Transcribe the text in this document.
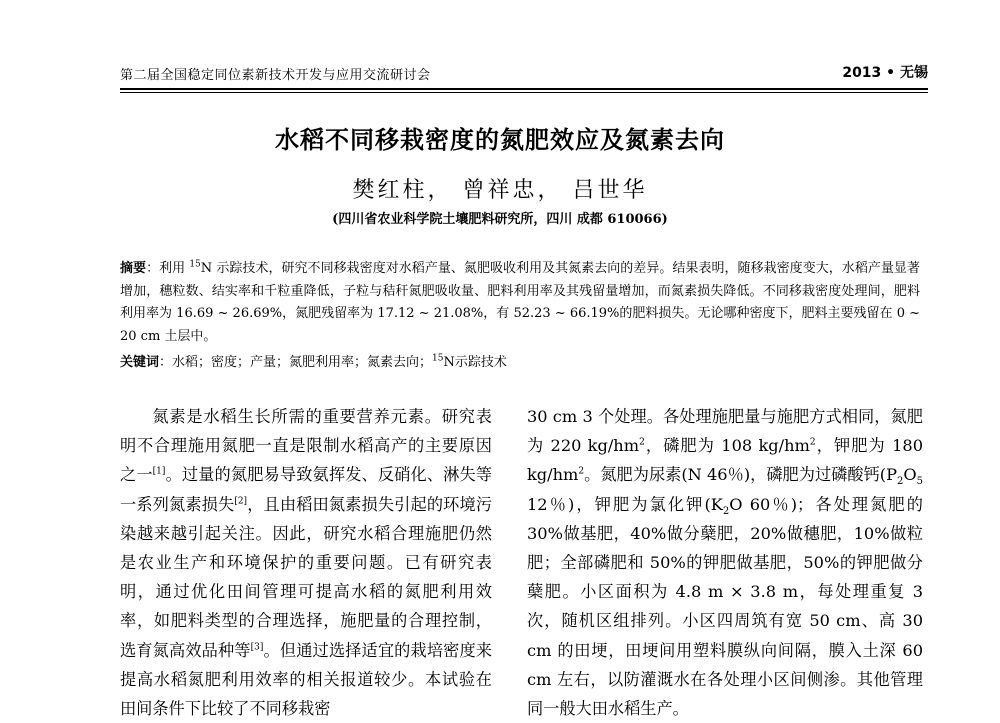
第二届全国稳定同位素新技术开发与应用交流研讨会	2013 • 无锡
水稻不同移栽密度的氮肥效应及氮素去向
樊红柱， 曾祥忠， 吕世华
(四川省农业科学院土壤肥料研究所，四川 成都 610066)
摘要：利用 $^{15}$N 示踪技术，研究不同移栽密度对水稻产量、氮肥吸收利用及其氮素去向的差异。结果表明，随移栽密度变大，水稻产量显著增加，穗粒数、结实率和千粒重降低，子粒与秸秆氮肥吸收量、肥料利用率及其残留量增加，而氮素损失降低。不同移栽密度处理间，肥料利用率为 16.69 ~ 26.69%，氮肥残留率为 17.12 ~ 21.08%，有 52.23 ~ 66.19%的肥料损失。无论哪种密度下，肥料主要残留在 0 ~ 20 cm 土层中。
关键词：水稻；密度；产量；氮肥利用率；氮素去向；$^{15}$N示踪技术

氮素是水稻生长所需的重要营养元素。研究表明不合理施用氮肥一直是限制水稻高产的主要原因之一[1]。过量的氮肥易导致氨挥发、反硝化、淋失等一系列氮素损失[2]，且由稻田氮素损失引起的环境污染越来越引起关注。因此，研究水稻合理施肥仍然是农业生产和环境保护的重要问题。已有研究表明，通过优化田间管理可提高水稻的氮肥利用效率，如肥料类型的合理选择，施肥量的合理控制，选育氮高效品种等[3]。但通过选择适宜的栽培密度来提高水稻氮肥利用效率的相关报道较少。本试验在田间条件下比较了不同移栽密

30 cm 3 个处理。各处理施肥量与施肥方式相同，氮肥为 220 $kg/hm^2$，磷肥为 108 $kg/hm^2$，钾肥为 180 $kg/hm^2$。氮肥为尿素(N 46％)，磷肥为过磷酸钙($P_2O_5$ 12％)，钾肥为氯化钾($K_2O$ 60％)；各处理氮肥的 30%做基肥，40%做分蘖肥，20%做穗肥，10%做粒肥；全部磷肥和 50%的钾肥做基肥，50%的钾肥做分蘖肥。小区面积为 4.8 m × 3.8 m，每处理重复 3 次，随机区组排列。小区四周筑有宽 50 cm、高 30 cm 的田埂，田埂间用塑料膜纵向间隔，膜入土深 60 cm 左右，以防灌溉水在各处理小区间侧渗。其他管理同一般大田水稻生产。
